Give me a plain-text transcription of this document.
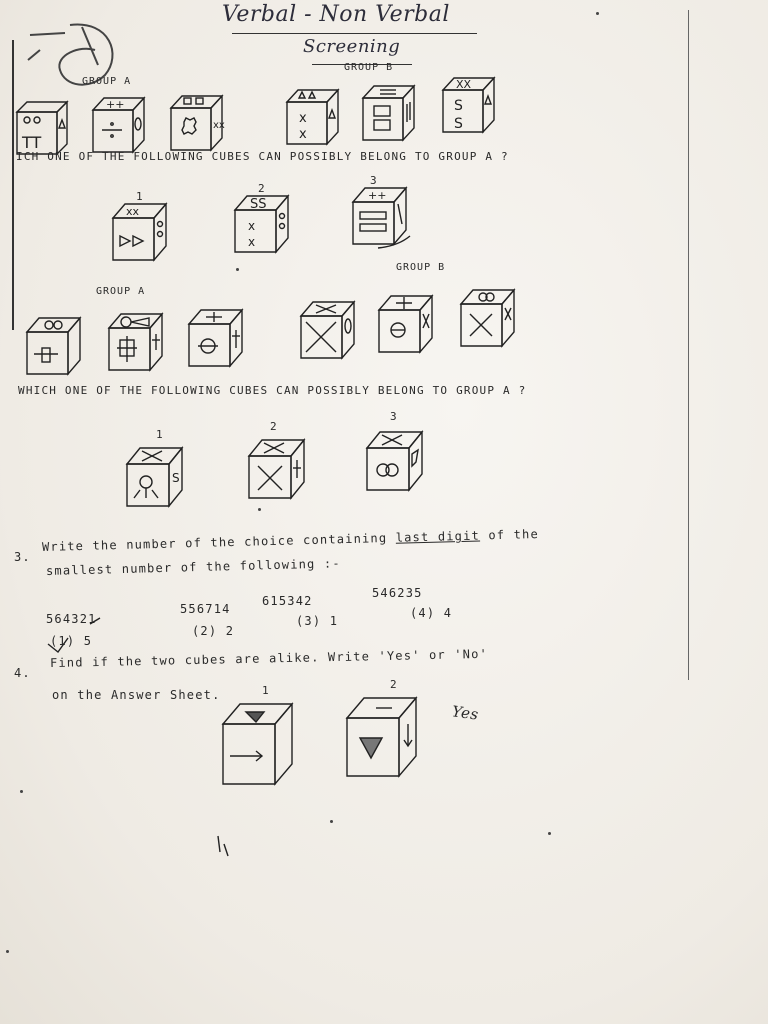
Verbal - Non Verbal
Screening
GROUP A
GROUP B
TT
++
xx	x
x
XX
S
S
ICH ONE OF THE FOLLOWING CUBES CAN POSSIBLY BELONG TO GROUP A ?
1
2
3
xx	SS
x
x
++
GROUP B
GROUP A
WHICH ONE OF THE FOLLOWING CUBES CAN POSSIBLY BELONG TO GROUP A ?
1
2
3
S
3.
Write the number of the choice containing last digit of the
smallest number of the following :-
564321
556714
615342
546235
(1) 5
(2) 2
(3) 1
(4) 4
4.
Find if the two cubes are alike. Write 'Yes' or 'No'
on the Answer Sheet.	1	2
Yes
